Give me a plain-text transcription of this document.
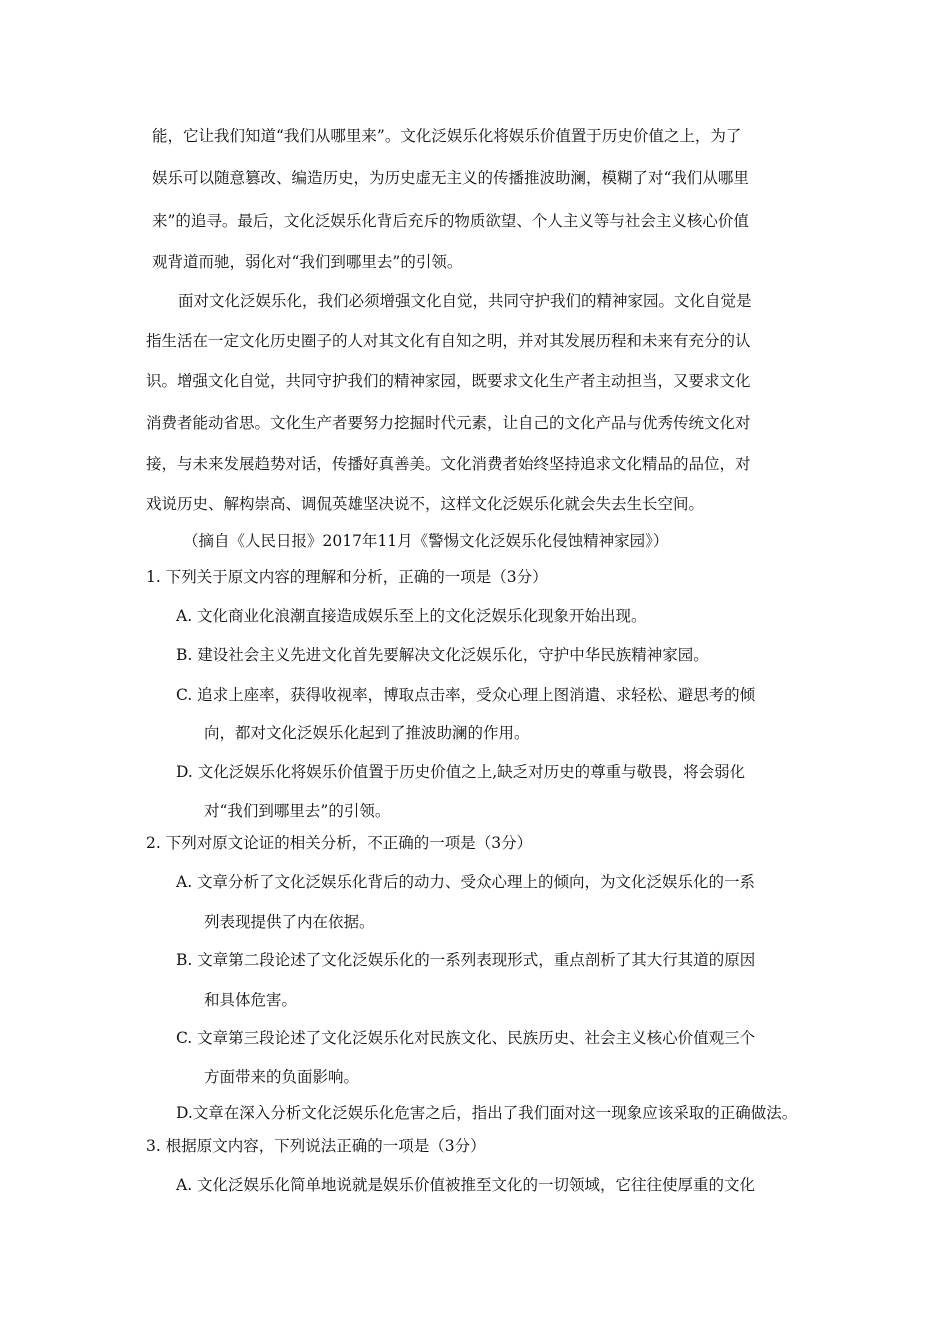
能，它让我们知道“我们从哪里来”。文化泛娱乐化将娱乐价值置于历史价值之上，为了
娱乐可以随意篡改、编造历史，为历史虚无主义的传播推波助澜，模糊了对“我们从哪里
来”的追寻。最后，文化泛娱乐化背后充斥的物质欲望、个人主义等与社会主义核心价值
观背道而驰，弱化对“我们到哪里去”的引领。
面对文化泛娱乐化，我们必须增强文化自觉，共同守护我们的精神家园。文化自觉是
指生活在一定文化历史圈子的人对其文化有自知之明，并对其发展历程和未来有充分的认
识。增强文化自觉，共同守护我们的精神家园，既要求文化生产者主动担当，又要求文化
消费者能动省思。文化生产者要努力挖掘时代元素，让自己的文化产品与优秀传统文化对
接，与未来发展趋势对话，传播好真善美。文化消费者始终坚持追求文化精品的品位，对
戏说历史、解构崇高、调侃英雄坚决说不，这样文化泛娱乐化就会失去生长空间。
（摘自《人民日报》2017年11月《警惕文化泛娱乐化侵蚀精神家园》）
1. 下列关于原文内容的理解和分析，正确的一项是（3分）
A. 文化商业化浪潮直接造成娱乐至上的文化泛娱乐化现象开始出现。
B. 建设社会主义先进文化首先要解决文化泛娱乐化，守护中华民族精神家园。
C. 追求上座率，获得收视率，博取点击率，受众心理上图消遣、求轻松、避思考的倾
向，都对文化泛娱乐化起到了推波助澜的作用。
D. 文化泛娱乐化将娱乐价值置于历史价值之上,缺乏对历史的尊重与敬畏，将会弱化
对“我们到哪里去”的引领。
2. 下列对原文论证的相关分析，不正确的一项是（3分）
A. 文章分析了文化泛娱乐化背后的动力、受众心理上的倾向，为文化泛娱乐化的一系
列表现提供了内在依据。
B. 文章第二段论述了文化泛娱乐化的一系列表现形式，重点剖析了其大行其道的原因
和具体危害。
C. 文章第三段论述了文化泛娱乐化对民族文化、民族历史、社会主义核心价值观三个
方面带来的负面影响。
D.文章在深入分析文化泛娱乐化危害之后，指出了我们面对这一现象应该采取的正确做法。
3. 根据原文内容，下列说法正确的一项是（3分）
A. 文化泛娱乐化简单地说就是娱乐价值被推至文化的一切领域，它往往使厚重的文化
